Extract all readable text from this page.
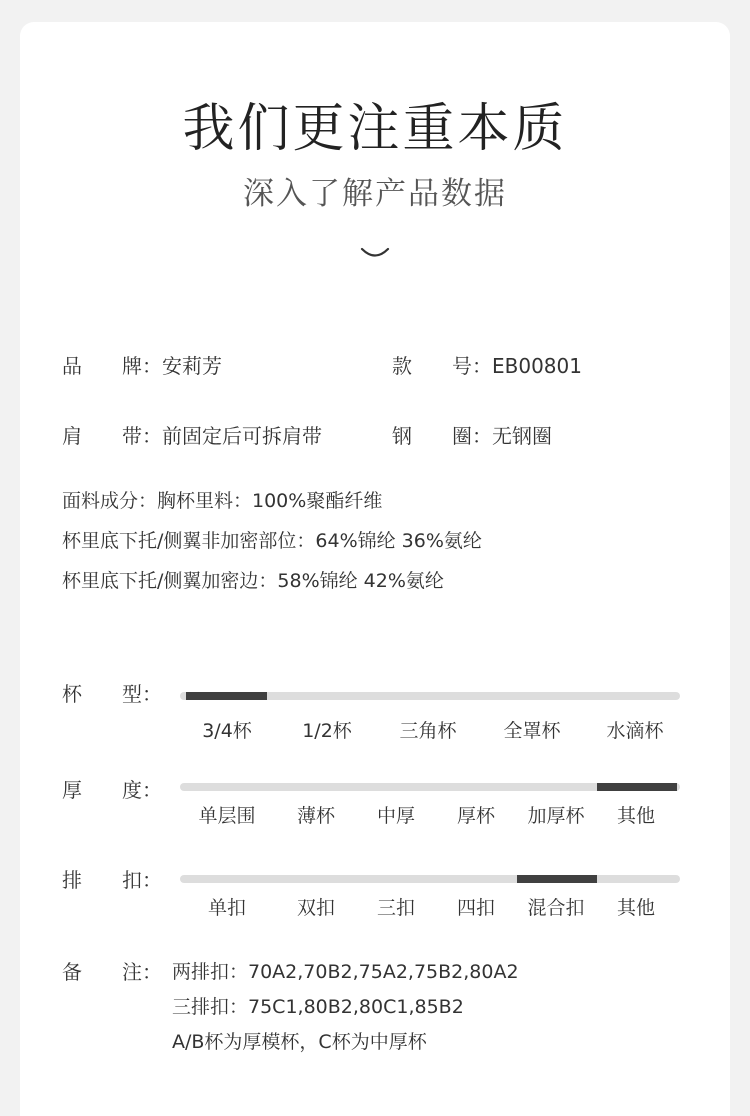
我们更注重本质
深入了解产品数据
品　　牌：安莉芳	款　　号：EB00801
肩　　带：前固定后可拆肩带	钢　　圈：无钢圈
面料成分：胸杯里料：100%聚酯纤维
杯里底下托/侧翼非加密部位：64%锦纶 36%氨纶
杯里底下托/侧翼加密边：58%锦纶 42%氨纶
杯　　型：
3/4杯	1/2杯	三角杯 全罩杯 水滴杯
厚　　度：
单层围 薄杯 中厚 厚杯 加厚杯 其他
排　　扣：
单扣	双扣 三扣 四扣 混合扣 其他
备　　注： 两排扣：70A2,70B2,75A2,75B2,80A2
三排扣：75C1,80B2,80C1,85B2
A/B杯为厚模杯，C杯为中厚杯
